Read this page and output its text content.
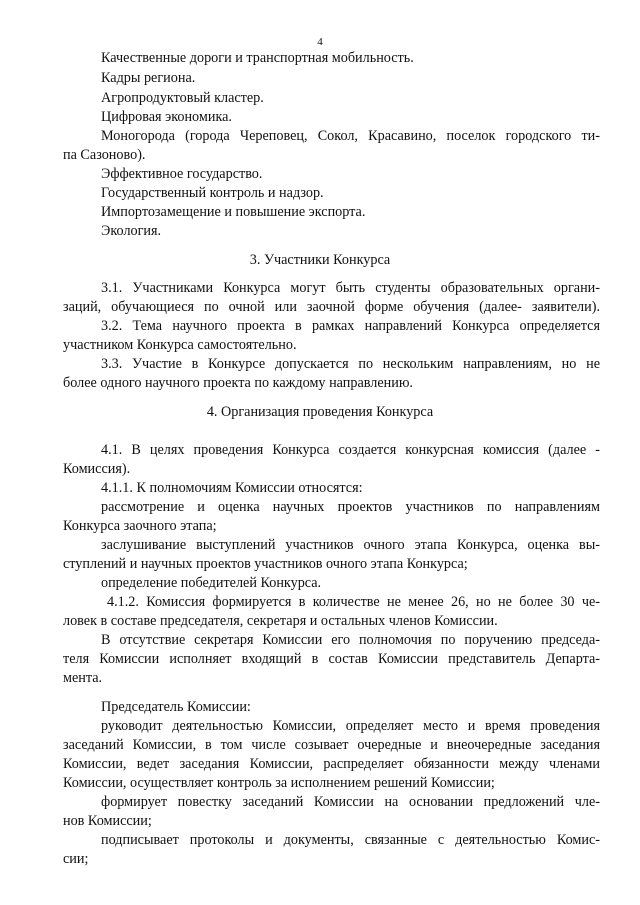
4
Качественные дороги и транспортная мобильность.
Кадры региона.
Агропродуктовый кластер.
Цифровая экономика.
Моногорода (города Череповец, Сокол, Красавино, поселок городского ти-
па Сазоново).
Эффективное государство.
Государственный контроль и надзор.
Импортозамещение и повышение экспорта.
Экология.
3. Участники Конкурса
3.1. Участниками Конкурса могут быть студенты образовательных органи-
заций, обучающиеся по очной или заочной форме обучения (далее- заявители).
3.2. Тема научного проекта в рамках направлений Конкурса определяется
участником Конкурса самостоятельно.
3.3. Участие в Конкурсе допускается по нескольким направлениям, но не
более одного научного проекта по каждому направлению.
4. Организация проведения Конкурса
4.1. В целях проведения Конкурса создается конкурсная комиссия (далее -
Комиссия).
4.1.1. К полномочиям Комиссии относятся:
рассмотрение и оценка научных проектов участников по направлениям
Конкурса заочного этапа;
заслушивание выступлений участников очного этапа Конкурса, оценка вы-
ступлений и научных проектов участников очного этапа Конкурса;
определение победителей Конкурса.
4.1.2. Комиссия формируется в количестве не менее 26, но не более 30 че-
ловек в составе председателя, секретаря и остальных членов Комиссии.
В отсутствие секретаря Комиссии его полномочия по поручению председа-
теля Комиссии исполняет входящий в состав Комиссии представитель Департа-
мента.
Председатель Комиссии:
руководит деятельностью Комиссии, определяет место и время проведения
заседаний Комиссии, в том числе созывает очередные и внеочередные заседания
Комиссии, ведет заседания Комиссии, распределяет обязанности между членами
Комиссии, осуществляет контроль за исполнением решений Комиссии;
формирует повестку заседаний Комиссии на основании предложений чле-
нов Комиссии;
подписывает протоколы и документы, связанные с деятельностью Комис-
сии;
